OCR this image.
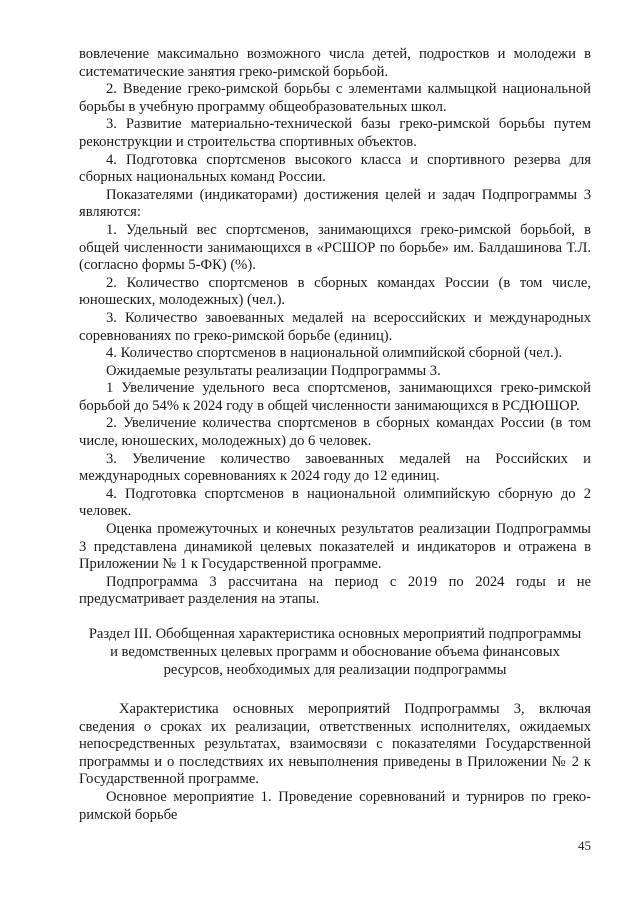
вовлечение максимально возможного числа детей, подростков и молодежи в систематические занятия греко-римской борьбой.

2. Введение греко-римской борьбы с элементами калмыцкой национальной борьбы в учебную программу общеобразовательных школ.

3. Развитие материально-технической базы греко-римской борьбы путем реконструкции и строительства спортивных объектов.

4. Подготовка спортсменов высокого класса и спортивного резерва для сборных национальных команд России.

Показателями (индикаторами) достижения целей и задач Подпрограммы 3 являются:

1. Удельный вес спортсменов, занимающихся греко-римской борьбой, в общей численности занимающихся в «РСШОР по борьбе» им. Балдашинова Т.Л. (согласно формы 5-ФК) (%).

2. Количество спортсменов в сборных командах России (в том числе, юношеских, молодежных) (чел.).

3. Количество завоеванных медалей на всероссийских и международных соревнованиях по греко-римской борьбе (единиц).

4. Количество спортсменов в национальной олимпийской сборной (чел.).

Ожидаемые результаты реализации Подпрограммы 3.

1 Увеличение удельного веса спортсменов, занимающихся греко-римской борьбой до 54% к 2024 году в общей численности занимающихся в РСДЮШОР.

2. Увеличение количества спортсменов в сборных командах России (в том числе, юношеских, молодежных) до 6 человек.

3. Увеличение количество завоеванных медалей на Российских и международных соревнованиях к 2024 году до 12 единиц.

4. Подготовка спортсменов в национальной олимпийскую сборную до 2 человек.

Оценка промежуточных и конечных результатов реализации Подпрограммы 3 представлена динамикой целевых показателей и индикаторов и отражена в Приложении № 1 к Государственной программе.

Подпрограмма 3 рассчитана на период с 2019 по 2024 годы и не предусматривает разделения на этапы.

Раздел III. Обобщенная характеристика основных мероприятий подпрограммы
и ведомственных целевых программ и обоснование объема финансовых
ресурсов, необходимых для реализации подпрограммы

Характеристика основных мероприятий Подпрограммы 3, включая сведения о сроках их реализации, ответственных исполнителях, ожидаемых непосредственных результатах, взаимосвязи с показателями Государственной программы и о последствиях их невыполнения приведены в Приложении № 2 к Государственной программе.

Основное мероприятие 1. Проведение соревнований и турниров по греко-римской борьбе

45
